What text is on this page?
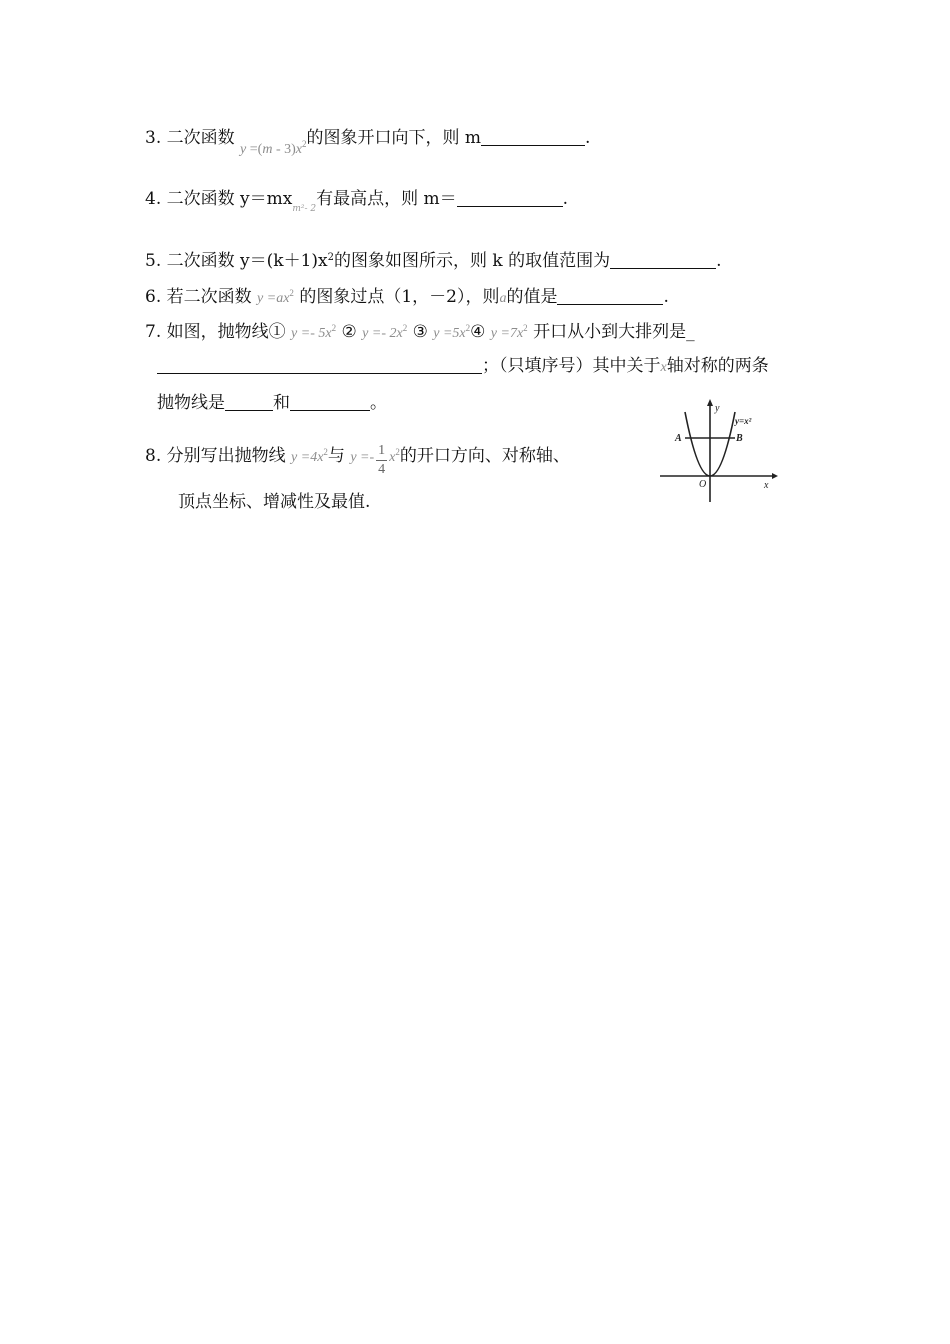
3. 二次函数 $_{y =(m - 3)x^2}$的图象开口向下，则 m	.
4. 二次函数 $y=mx_{m^2- 2}$有最高点，则 m＝	.
5. 二次函数 $y=(k+1)x^2$的图象如图所示，则 k 的取值范围为	.
6. 若二次函数 $y =ax^2$ 的图象过点（1，－2），则a的值是	.
7. 如图，抛物线① $y =- 5x^2$ ② $y =- 2x^2$ ③ $y =5x^2④$ $y =7x^2$ 开口从小到大排列是_
；（只填序号）其中关于x轴对称的两条
抛物线是	和	。
8. 分别写出抛物线 $y =4x^2$与 $y =- \frac{1}{4} x^2$的开口方向、对称轴、
顶点坐标、增减性及最值.
y
x
O
A	B
y=x²
